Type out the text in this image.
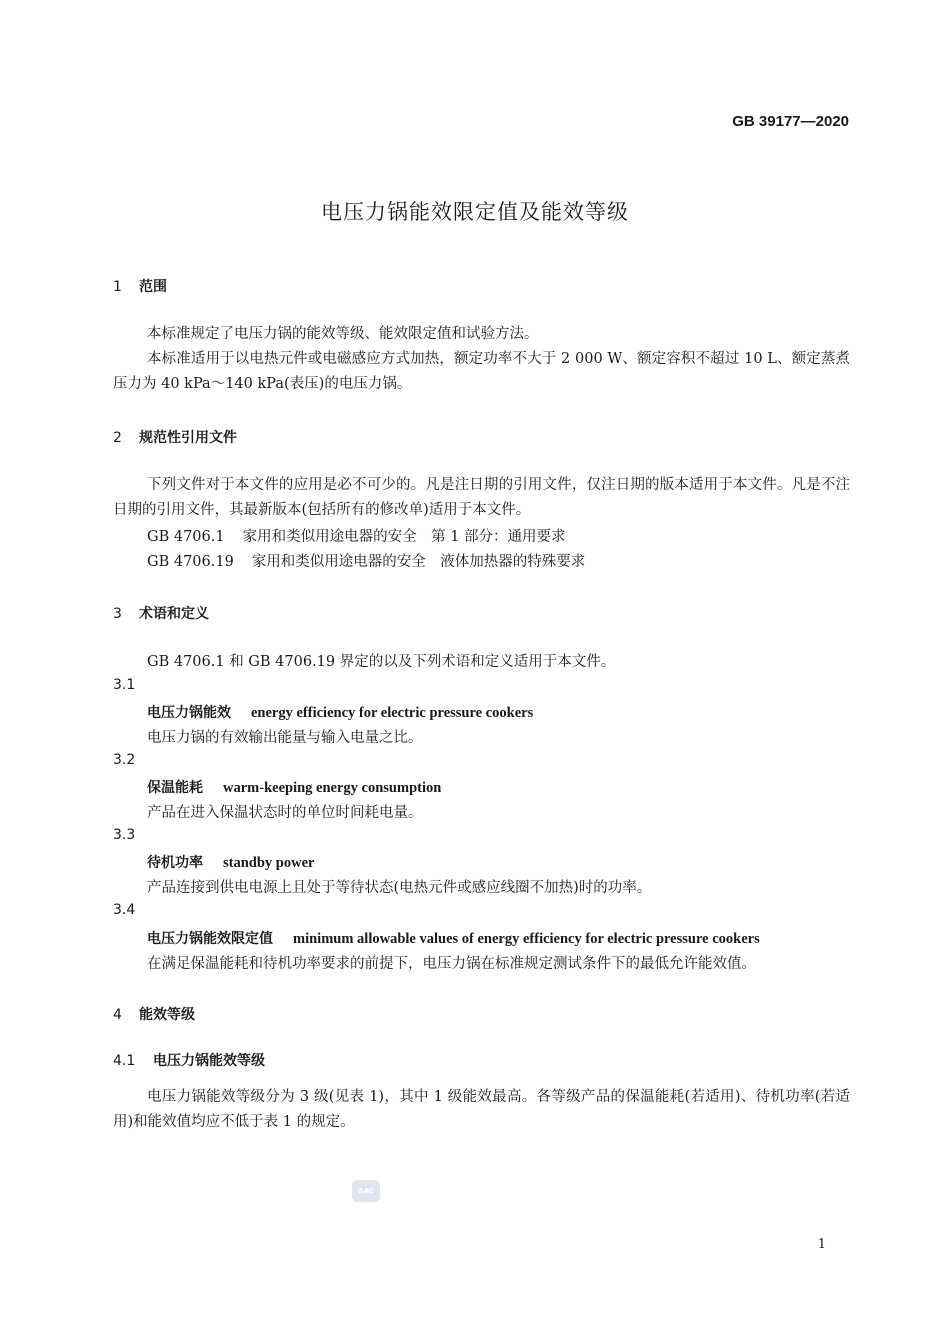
GB 39177—2020
电压力锅能效限定值及能效等级
1 范围
本标准规定了电压力锅的能效等级、能效限定值和试验方法。
本标准适用于以电热元件或电磁感应方式加热，额定功率不大于 2 000 W、额定容积不超过 10 L、额定蒸煮压力为 40 kPa～140 kPa(表压)的电压力锅。
2 规范性引用文件
下列文件对于本文件的应用是必不可少的。凡是注日期的引用文件，仅注日期的版本适用于本文件。凡是不注日期的引用文件，其最新版本(包括所有的修改单)适用于本文件。
GB 4706.1 家用和类似用途电器的安全　第 1 部分：通用要求
GB 4706.19 家用和类似用途电器的安全　液体加热器的特殊要求
3 术语和定义
GB 4706.1 和 GB 4706.19 界定的以及下列术语和定义适用于本文件。
3.1
电压力锅能效 energy efficiency for electric pressure cookers
电压力锅的有效输出能量与输入电量之比。
3.2
保温能耗 warm-keeping energy consumption
产品在进入保温状态时的单位时间耗电量。
3.3
待机功率 standby power
产品连接到供电电源上且处于等待状态(电热元件或感应线圈不加热)时的功率。
3.4
电压力锅能效限定值 minimum allowable values of energy efficiency for electric pressure cookers
在满足保温能耗和待机功率要求的前提下，电压力锅在标准规定测试条件下的最低允许能效值。
4 能效等级
4.1 电压力锅能效等级
电压力锅能效等级分为 3 级(见表 1)，其中 1 级能效最高。各等级产品的保温能耗(若适用)、待机功率(若适用)和能效值均应不低于表 1 的规定。
SAC
1
